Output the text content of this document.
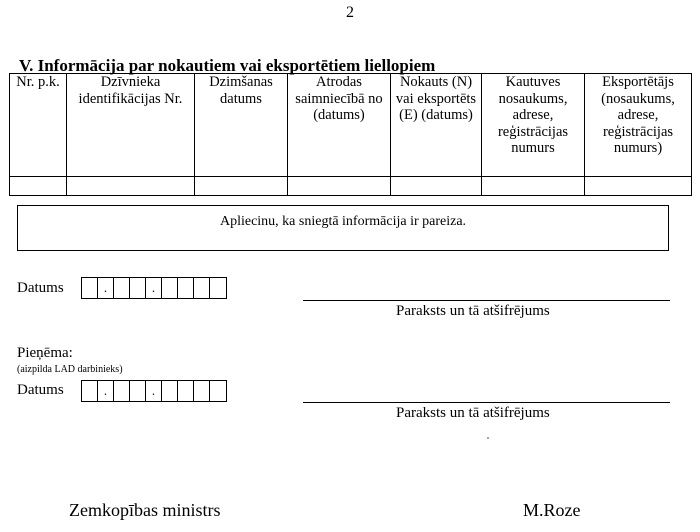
2
V. Informācija par nokautiem vai eksportētiem liellopiem
Nr. p.k.	Dzīvnieka identifikācijas Nr.	Dzimšanas datums	Atrodas saimniecībā no (datums)	Nokauts (N) vai eksportēts (E) (datums)	Kautuves nosaukums, adrese, reģistrācijas numurs	Eksportētājs (nosaukums, adrese, reģistrācijas numurs)

Apliecinu, ka sniegtā informācija ir pareiza.
Datums	.	.
Paraksts un tā atšifrējums
Pieņēma:
(aizpilda LAD darbinieks)
Datums	.	.
Paraksts un tā atšifrējums
Zemkopības ministrs	M.Roze
